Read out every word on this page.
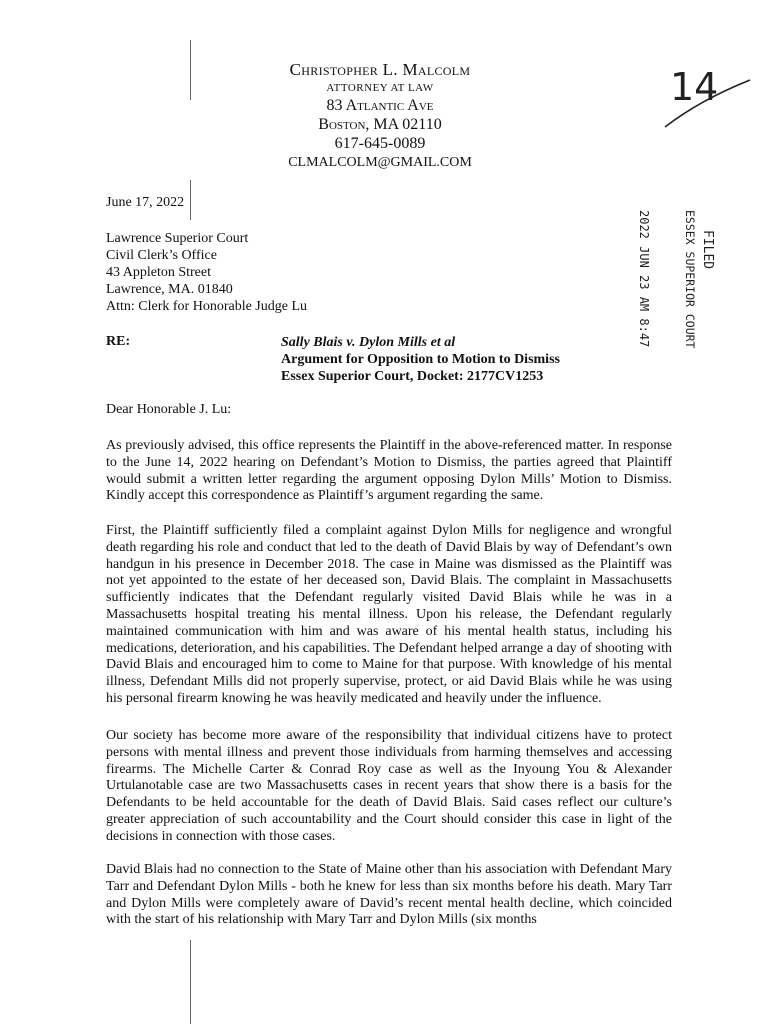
Christopher L. Malcolm
ATTORNEY AT LAW
83 Atlantic Ave
Boston, MA 02110
617-645-0089
CLMALCOLM@GMAIL.COM
14
FILED
ESSEX SUPERIOR COURT
2022 JUN 23 AM 8:47
June 17, 2022
Lawrence Superior Court
Civil Clerk’s Office
43 Appleton Street
Lawrence, MA. 01840
Attn: Clerk for Honorable Judge Lu
RE:	Sally Blais v. Dylon Mills et al
Argument for Opposition to Motion to Dismiss
Essex Superior Court, Docket: 2177CV1253
Dear Honorable J. Lu:

As previously advised, this office represents the Plaintiff in the above-referenced matter. In response to the June 14, 2022 hearing on Defendant’s Motion to Dismiss, the parties agreed that Plaintiff would submit a written letter regarding the argument opposing Dylon Mills’ Motion to Dismiss. Kindly accept this correspondence as Plaintiff’s argument regarding the same.

First, the Plaintiff sufficiently filed a complaint against Dylon Mills for negligence and wrongful death regarding his role and conduct that led to the death of David Blais by way of Defendant’s own handgun in his presence in December 2018. The case in Maine was dismissed as the Plaintiff was not yet appointed to the estate of her deceased son, David Blais. The complaint in Massachusetts sufficiently indicates that the Defendant regularly visited David Blais while he was in a Massachusetts hospital treating his mental illness. Upon his release, the Defendant regularly maintained communication with him and was aware of his mental health status, including his medications, deterioration, and his capabilities. The Defendant helped arrange a day of shooting with David Blais and encouraged him to come to Maine for that purpose. With knowledge of his mental illness, Defendant Mills did not properly supervise, protect, or aid David Blais while he was using his personal firearm knowing he was heavily medicated and heavily under the influence.

Our society has become more aware of the responsibility that individual citizens have to protect persons with mental illness and prevent those individuals from harming themselves and accessing firearms. The Michelle Carter & Conrad Roy case as well as the Inyoung You & Alexander Urtulanotable case are two Massachusetts cases in recent years that show there is a basis for the Defendants to be held accountable for the death of David Blais. Said cases reflect our culture’s greater appreciation of such accountability and the Court should consider this case in light of the decisions in connection with those cases.

David Blais had no connection to the State of Maine other than his association with Defendant Mary Tarr and Defendant Dylon Mills - both he knew for less than six months before his death. Mary Tarr and Dylon Mills were completely aware of David’s recent mental health decline, which coincided with the start of his relationship with Mary Tarr and Dylon Mills (six months
